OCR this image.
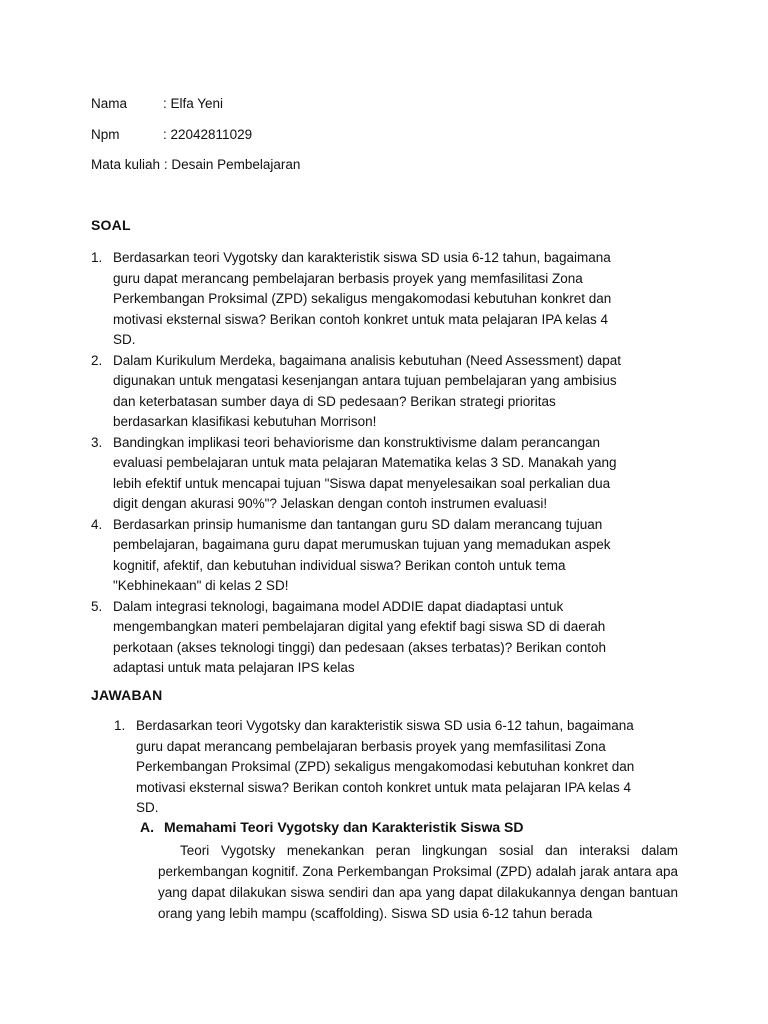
Nama	: Elfa Yeni
Npm	: 22042811029
Mata kuliah : Desain Pembelajaran
SOAL
1. Berdasarkan teori Vygotsky dan karakteristik siswa SD usia 6-12 tahun, bagaimana guru dapat merancang pembelajaran berbasis proyek yang memfasilitasi Zona Perkembangan Proksimal (ZPD) sekaligus mengakomodasi kebutuhan konkret dan motivasi eksternal siswa? Berikan contoh konkret untuk mata pelajaran IPA kelas 4 SD.
2. Dalam Kurikulum Merdeka, bagaimana analisis kebutuhan (Need Assessment) dapat digunakan untuk mengatasi kesenjangan antara tujuan pembelajaran yang ambisius dan keterbatasan sumber daya di SD pedesaan? Berikan strategi prioritas berdasarkan klasifikasi kebutuhan Morrison!
3. Bandingkan implikasi teori behaviorisme dan konstruktivisme dalam perancangan evaluasi pembelajaran untuk mata pelajaran Matematika kelas 3 SD. Manakah yang lebih efektif untuk mencapai tujuan "Siswa dapat menyelesaikan soal perkalian dua digit dengan akurasi 90%"? Jelaskan dengan contoh instrumen evaluasi!
4. Berdasarkan prinsip humanisme dan tantangan guru SD dalam merancang tujuan pembelajaran, bagaimana guru dapat merumuskan tujuan yang memadukan aspek kognitif, afektif, dan kebutuhan individual siswa? Berikan contoh untuk tema "Kebhinekaan" di kelas 2 SD!
5. Dalam integrasi teknologi, bagaimana model ADDIE dapat diadaptasi untuk mengembangkan materi pembelajaran digital yang efektif bagi siswa SD di daerah perkotaan (akses teknologi tinggi) dan pedesaan (akses terbatas)? Berikan contoh adaptasi untuk mata pelajaran IPS kelas
JAWABAN
1. Berdasarkan teori Vygotsky dan karakteristik siswa SD usia 6-12 tahun, bagaimana guru dapat merancang pembelajaran berbasis proyek yang memfasilitasi Zona Perkembangan Proksimal (ZPD) sekaligus mengakomodasi kebutuhan konkret dan motivasi eksternal siswa? Berikan contoh konkret untuk mata pelajaran IPA kelas 4 SD.
A. Memahami Teori Vygotsky dan Karakteristik Siswa SD

Teori Vygotsky menekankan peran lingkungan sosial dan interaksi dalam perkembangan kognitif. Zona Perkembangan Proksimal (ZPD) adalah jarak antara apa yang dapat dilakukan siswa sendiri dan apa yang dapat dilakukannya dengan bantuan orang yang lebih mampu (scaffolding). Siswa SD usia 6-12 tahun berada
